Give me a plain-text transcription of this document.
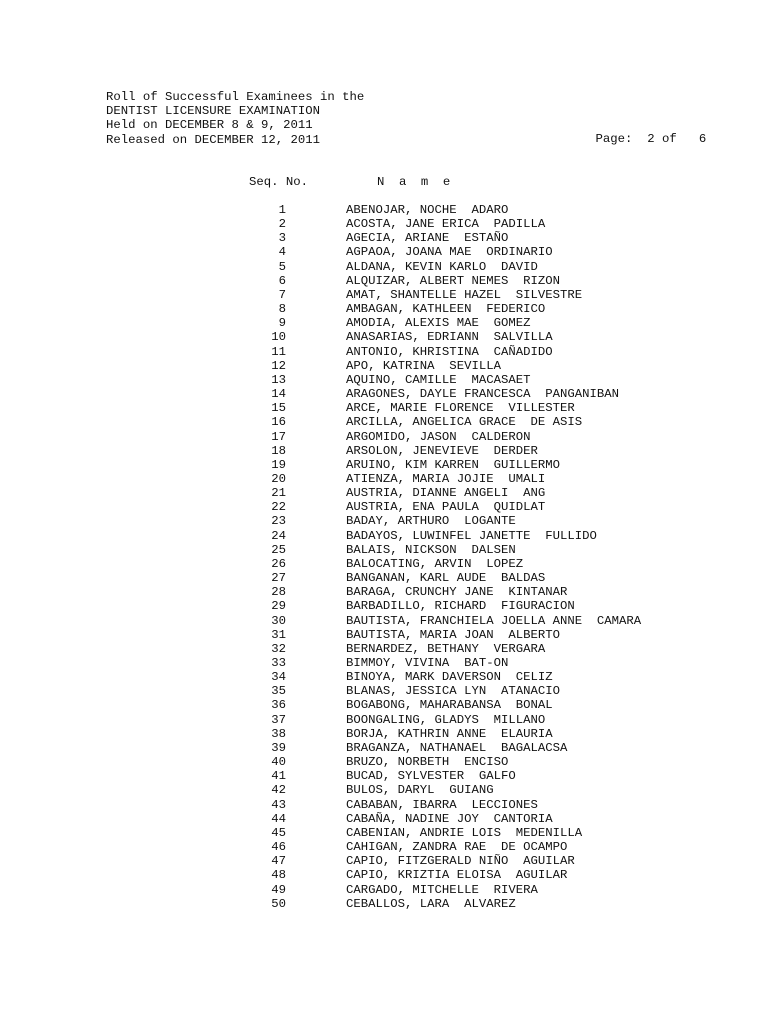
Roll of Successful Examinees in the
DENTIST LICENSURE EXAMINATION
Held on DECEMBER 8 & 9, 2011
Released on DECEMBER 12, 2011	Page: 2 of 6

Seq. No.	N a m e
1	ABENOJAR, NOCHE  ADARO
2	ACOSTA, JANE ERICA  PADILLA
3	AGECIA, ARIANE  ESTAÑO
4	AGPAOA, JOANA MAE  ORDINARIO
5	ALDANA, KEVIN KARLO  DAVID
6	ALQUIZAR, ALBERT NEMES  RIZON
7	AMAT, SHANTELLE HAZEL  SILVESTRE
8	AMBAGAN, KATHLEEN  FEDERICO
9	AMODIA, ALEXIS MAE  GOMEZ
10	ANASARIAS, EDRIANN  SALVILLA
11	ANTONIO, KHRISTINA  CAÑADIDO
12	APO, KATRINA  SEVILLA
13	AQUINO, CAMILLE  MACASAET
14	ARAGONES, DAYLE FRANCESCA  PANGANIBAN
15	ARCE, MARIE FLORENCE  VILLESTER
16	ARCILLA, ANGELICA GRACE  DE ASIS
17	ARGOMIDO, JASON  CALDERON
18	ARSOLON, JENEVIEVE  DERDER
19	ARUINO, KIM KARREN  GUILLERMO
20	ATIENZA, MARIA JOJIE  UMALI
21	AUSTRIA, DIANNE ANGELI  ANG
22	AUSTRIA, ENA PAULA  QUIDLAT
23	BADAY, ARTHURO  LOGANTE
24	BADAYOS, LUWINFEL JANETTE  FULLIDO
25	BALAIS, NICKSON  DALSEN
26	BALOCATING, ARVIN  LOPEZ
27	BANGANAN, KARL AUDE  BALDAS
28	BARAGA, CRUNCHY JANE  KINTANAR
29	BARBADILLO, RICHARD  FIGURACION
30	BAUTISTA, FRANCHIELA JOELLA ANNE  CAMARA
31	BAUTISTA, MARIA JOAN  ALBERTO
32	BERNARDEZ, BETHANY  VERGARA
33	BIMMOY, VIVINA  BAT-ON
34	BINOYA, MARK DAVERSON  CELIZ
35	BLANAS, JESSICA LYN  ATANACIO
36	BOGABONG, MAHARABANSA  BONAL
37	BOONGALING, GLADYS  MILLANO
38	BORJA, KATHRIN ANNE  ELAURIA
39	BRAGANZA, NATHANAEL  BAGALACSA
40	BRUZO, NORBETH  ENCISO
41	BUCAD, SYLVESTER  GALFO
42	BULOS, DARYL  GUIANG
43	CABABAN, IBARRA  LECCIONES
44	CABAÑA, NADINE JOY  CANTORIA
45	CABENIAN, ANDRIE LOIS  MEDENILLA
46	CAHIGAN, ZANDRA RAE  DE OCAMPO
47	CAPIO, FITZGERALD NIÑO  AGUILAR
48	CAPIO, KRIZTIA ELOISA  AGUILAR
49	CARGADO, MITCHELLE  RIVERA
50	CEBALLOS, LARA  ALVAREZ
